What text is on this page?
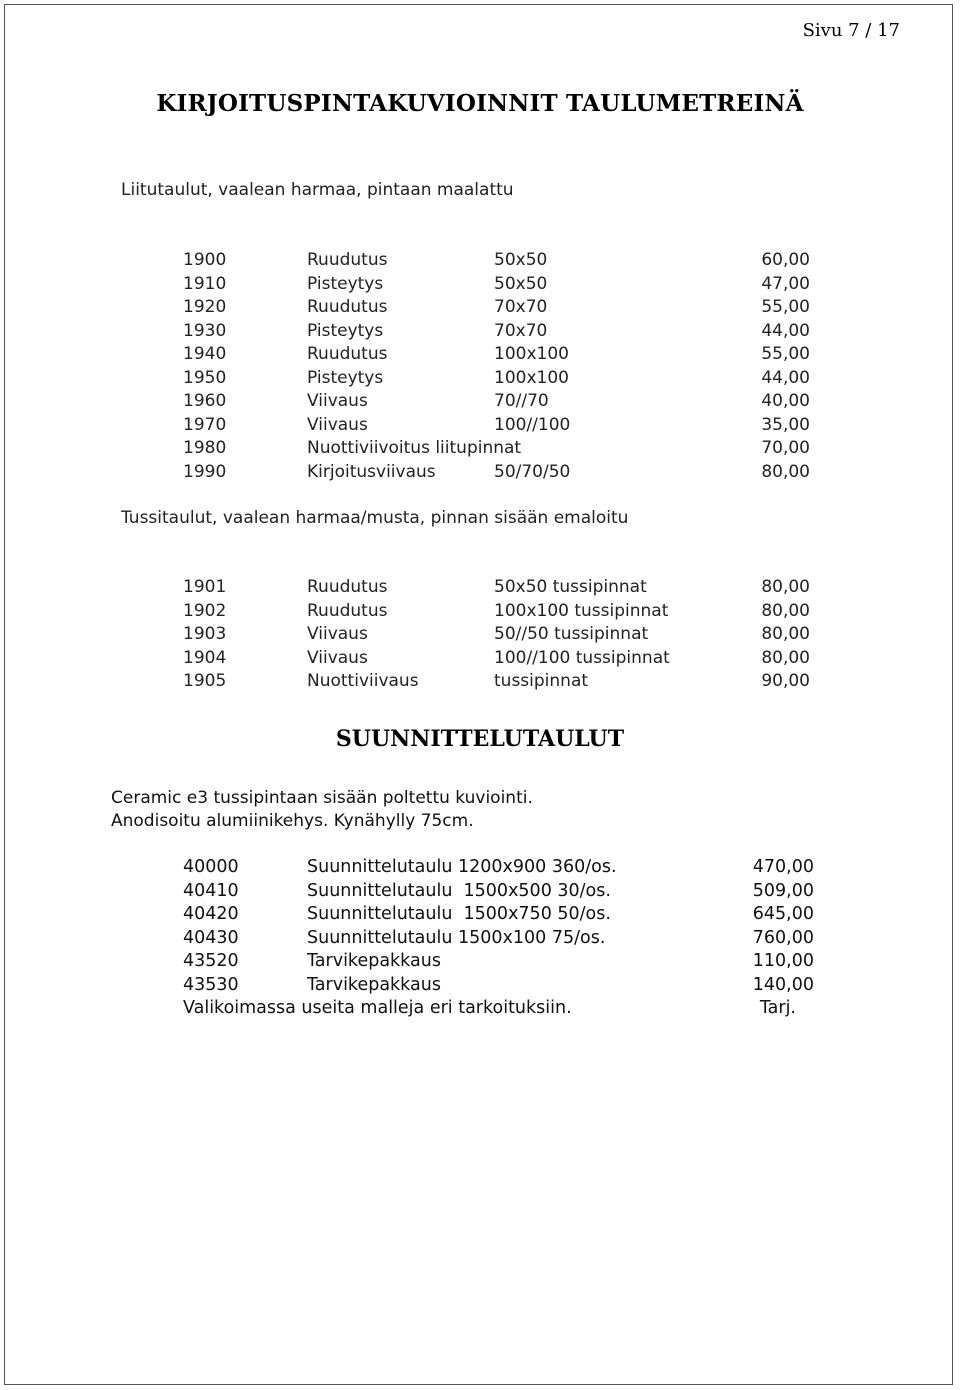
Sivu 7 / 17
KIRJOITUSPINTAKUVIOINNIT TAULUMETREINÄ
Liitutaulut, vaalean harmaa, pintaan maalattu
1900	Ruudutus	50x50	60,00
1910	Pisteytys	50x50	47,00
1920	Ruudutus	70x70	55,00
1930	Pisteytys	70x70	44,00
1940	Ruudutus	100x100	55,00
1950	Pisteytys	100x100	44,00
1960	Viivaus	70//70	40,00
1970	Viivaus	100//100	35,00
1980	Nuottiviivoitus liitupinnat	70,00
1990	Kirjoitusviivaus	50/70/50	80,00
Tussitaulut, vaalean harmaa/musta, pinnan sisään emaloitu
1901	Ruudutus	50x50 tussipinnat	80,00
1902	Ruudutus	100x100 tussipinnat	80,00
1903	Viivaus	50//50 tussipinnat	80,00
1904	Viivaus	100//100 tussipinnat	80,00
1905	Nuottiviivaus	tussipinnat	90,00
SUUNNITTELUTAULUT
Ceramic e3 tussipintaan sisään poltettu kuviointi.
Anodisoitu alumiinikehys. Kynähylly 75cm.
40000	Suunnittelutaulu 1200x900 360/os.	470,00
40410	Suunnittelutaulu  1500x500 30/os.	509,00
40420	Suunnittelutaulu  1500x750 50/os.	645,00
40430	Suunnittelutaulu 1500x100 75/os.	760,00
43520	Tarvikepakkaus	110,00
43530	Tarvikepakkaus	140,00
Valikoimassa useita malleja eri tarkoituksiin.	Tarj.
